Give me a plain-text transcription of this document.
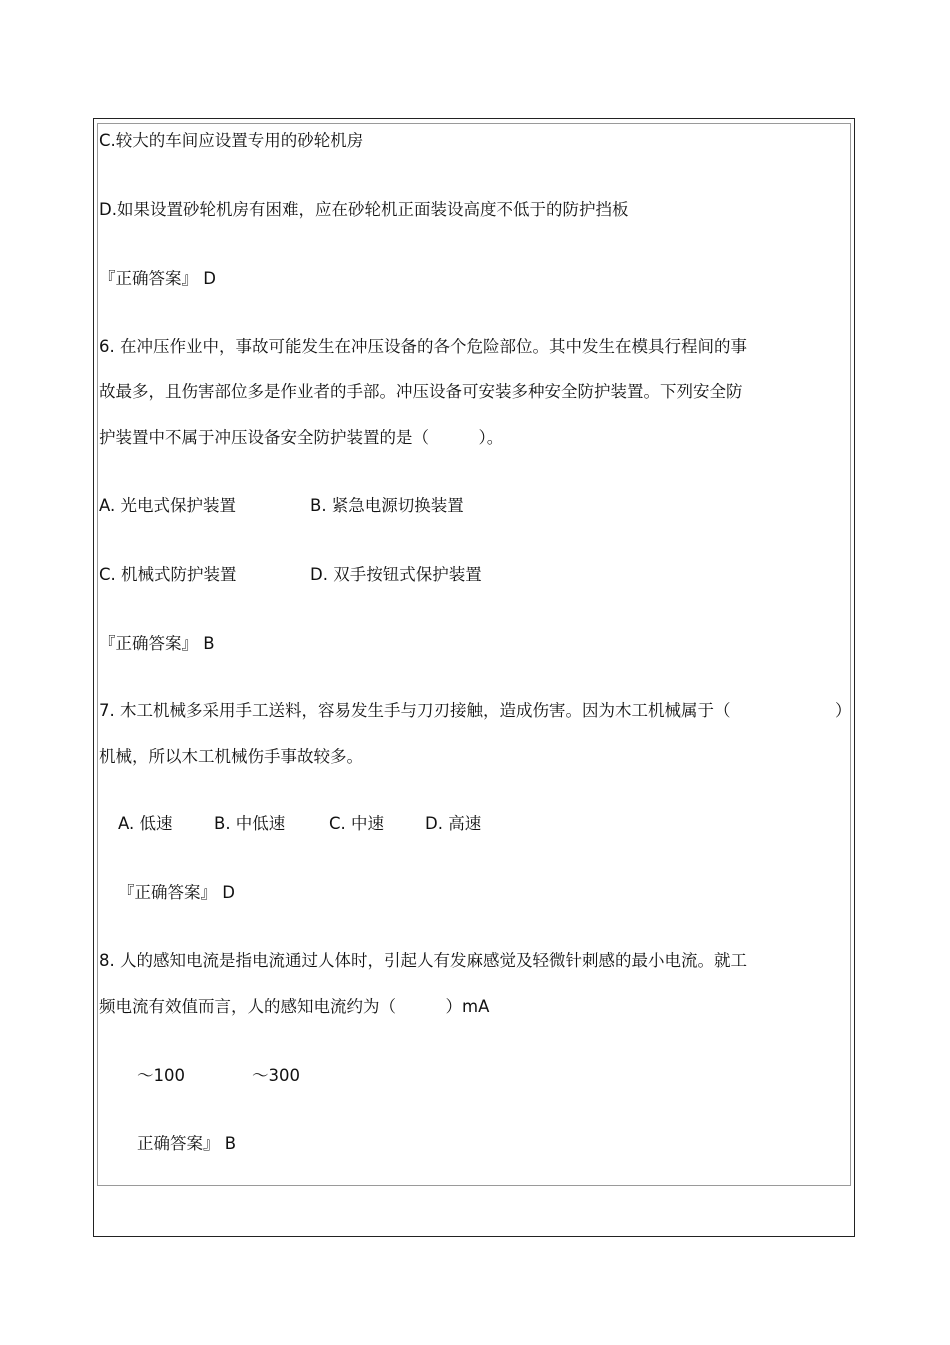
C.较大的车间应设置专用的砂轮机房
D.如果设置砂轮机房有困难，应在砂轮机正面装设高度不低于的防护挡板
『正确答案』 D
6. 在冲压作业中，事故可能发生在冲压设备的各个危险部位。其中发生在模具行程间的事
故最多，且伤害部位多是作业者的手部。冲压设备可安装多种安全防护装置。下列安全防
护装置中不属于冲压设备安全防护装置的是（　　　）。
A. 光电式保护装置	B. 紧急电源切换装置
C. 机械式防护装置	D. 双手按钮式保护装置
『正确答案』 B
7. 木工机械多采用手工送料，容易发生手与刀刃接触，造成伤害。因为木工机械属于（	）
机械，所以木工机械伤手事故较多。
A. 低速	B. 中低速	C. 中速 D. 高速
『正确答案』 D
8. 人的感知电流是指电流通过人体时，引起人有发麻感觉及轻微针刺感的最小电流。就工
频电流有效值而言，人的感知电流约为（　　　）mA
～100	～300
正确答案』 B
